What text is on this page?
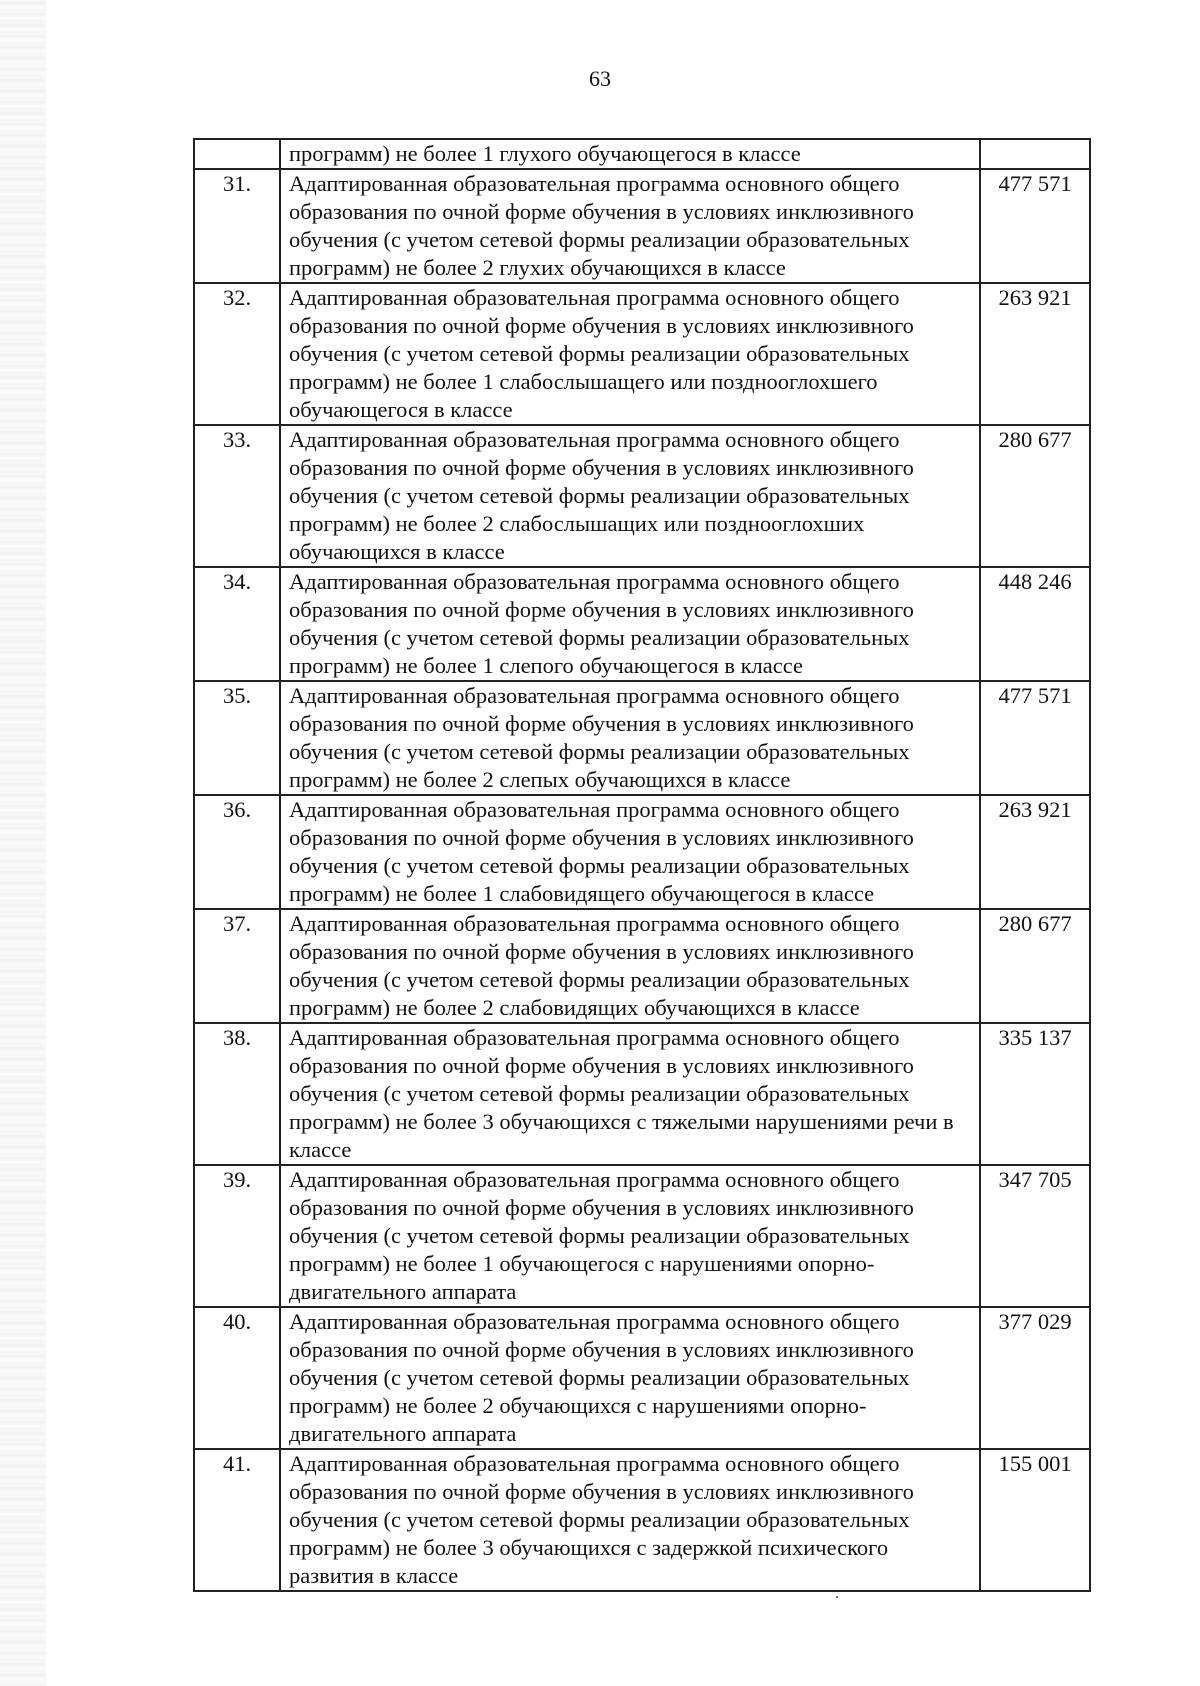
63
	программ) не более 1 глухого обучающегося в классе	
31.	Адаптированная образовательная программа основного общего образования по очной форме обучения в условиях инклюзивного обучения (с учетом сетевой формы реализации образовательных программ) не более 2 глухих обучающихся в классе	477 571
32.	Адаптированная образовательная программа основного общего образования по очной форме обучения в условиях инклюзивного обучения (с учетом сетевой формы реализации образовательных программ) не более 1 слабослышащего или позднооглохшего обучающегося в классе	263 921
33.	Адаптированная образовательная программа основного общего образования по очной форме обучения в условиях инклюзивного обучения (с учетом сетевой формы реализации образовательных программ) не более 2 слабослышащих или позднооглохших обучающихся в классе	280 677
34.	Адаптированная образовательная программа основного общего образования по очной форме обучения в условиях инклюзивного обучения (с учетом сетевой формы реализации образовательных программ) не более 1 слепого обучающегося в классе	448 246
35.	Адаптированная образовательная программа основного общего образования по очной форме обучения в условиях инклюзивного обучения (с учетом сетевой формы реализации образовательных программ) не более 2 слепых обучающихся в классе	477 571
36.	Адаптированная образовательная программа основного общего образования по очной форме обучения в условиях инклюзивного обучения (с учетом сетевой формы реализации образовательных программ) не более 1 слабовидящего обучающегося в классе	263 921
37.	Адаптированная образовательная программа основного общего образования по очной форме обучения в условиях инклюзивного обучения (с учетом сетевой формы реализации образовательных программ) не более 2 слабовидящих обучающихся в классе	280 677
38.	Адаптированная образовательная программа основного общего образования по очной форме обучения в условиях инклюзивного обучения (с учетом сетевой формы реализации образовательных программ) не более 3 обучающихся с тяжелыми нарушениями речи в классе	335 137
39.	Адаптированная образовательная программа основного общего образования по очной форме обучения в условиях инклюзивного обучения (с учетом сетевой формы реализации образовательных программ) не более 1 обучающегося с нарушениями опорно-двигательного аппарата	347 705
40.	Адаптированная образовательная программа основного общего образования по очной форме обучения в условиях инклюзивного обучения (с учетом сетевой формы реализации образовательных программ) не более 2 обучающихся с нарушениями опорно-двигательного аппарата	377 029
41.	Адаптированная образовательная программа основного общего образования по очной форме обучения в условиях инклюзивного обучения (с учетом сетевой формы реализации образовательных программ) не более 3 обучающихся с задержкой психического развития в классе	155 001
